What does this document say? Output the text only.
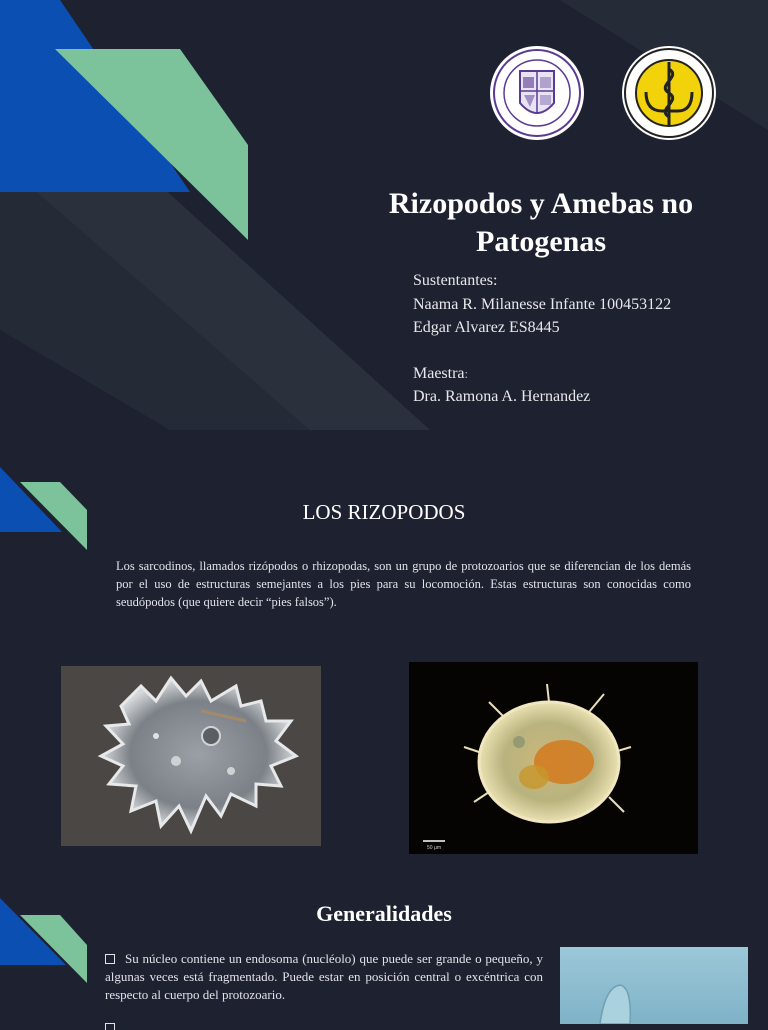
Rizopodos y Amebas no
Patogenas
Sustentantes:
Naama R. Milanesse Infante 100453122
Edgar Alvarez ES8445
Maestra:
Dra. Ramona A. Hernandez
LOS RIZOPODOS
Los sarcodinos, llamados rizópodos o rhizopodas, son un grupo de protozoarios que se diferencian de los demás por el uso de estructuras semejantes a los pies para su locomoción. Estas estructuras son conocidas como seudópodos (que quiere decir “pies falsos”).
50 µm
Generalidades
Su núcleo contiene un endosoma (nucléolo) que puede ser grande o pequeño, y algunas veces está fragmentado. Puede estar en posición central o excéntrica con respecto al cuerpo del protozoario.
